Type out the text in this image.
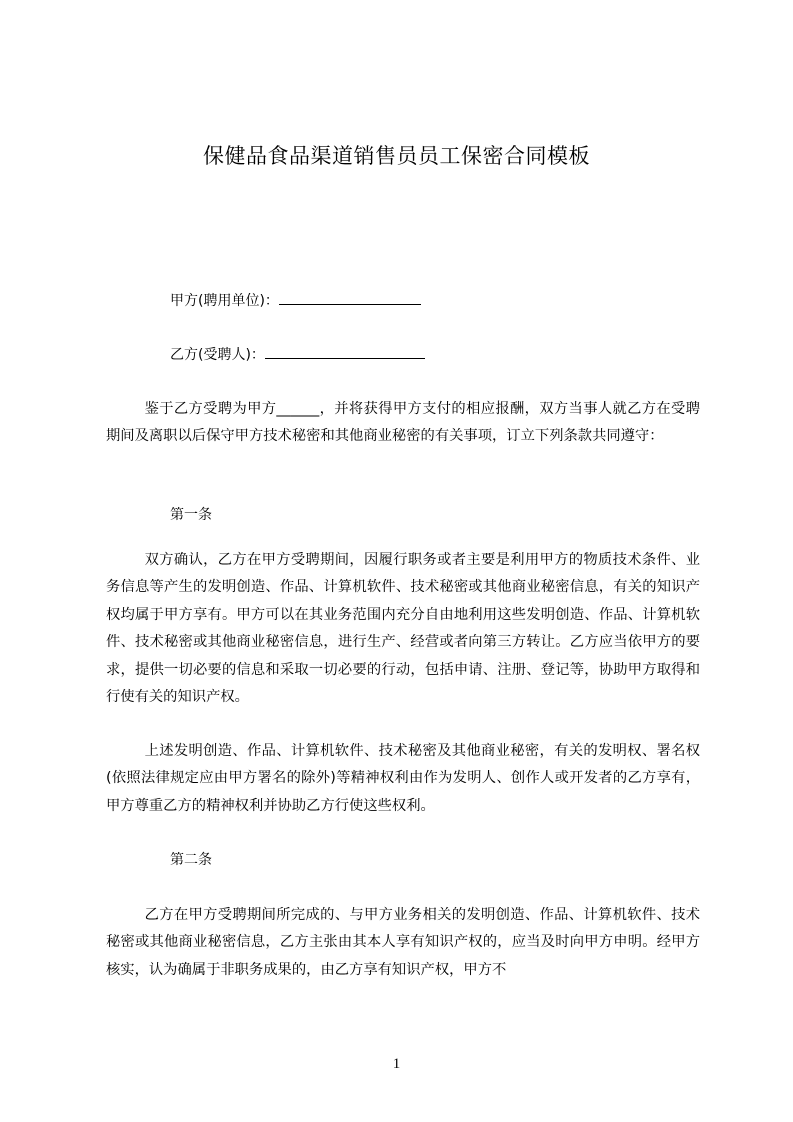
保健品食品渠道销售员员工保密合同模板
甲方(聘用单位)：
乙方(受聘人)：

鉴于乙方受聘为甲方______，并将获得甲方支付的相应报酬，双方当事人就乙方在受聘期间及离职以后保守甲方技术秘密和其他商业秘密的有关事项，订立下列条款共同遵守：

第一条

双方确认，乙方在甲方受聘期间，因履行职务或者主要是利用甲方的物质技术条件、业务信息等产生的发明创造、作品、计算机软件、技术秘密或其他商业秘密信息，有关的知识产权均属于甲方享有。甲方可以在其业务范围内充分自由地利用这些发明创造、作品、计算机软件、技术秘密或其他商业秘密信息，进行生产、经营或者向第三方转让。乙方应当依甲方的要求，提供一切必要的信息和采取一切必要的行动，包括申请、注册、登记等，协助甲方取得和行使有关的知识产权。

上述发明创造、作品、计算机软件、技术秘密及其他商业秘密，有关的发明权、署名权(依照法律规定应由甲方署名的除外)等精神权利由作为发明人、创作人或开发者的乙方享有，甲方尊重乙方的精神权利并协助乙方行使这些权利。

第二条

乙方在甲方受聘期间所完成的、与甲方业务相关的发明创造、作品、计算机软件、技术秘密或其他商业秘密信息，乙方主张由其本人享有知识产权的，应当及时向甲方申明。经甲方核实，认为确属于非职务成果的，由乙方享有知识产权，甲方不

1
